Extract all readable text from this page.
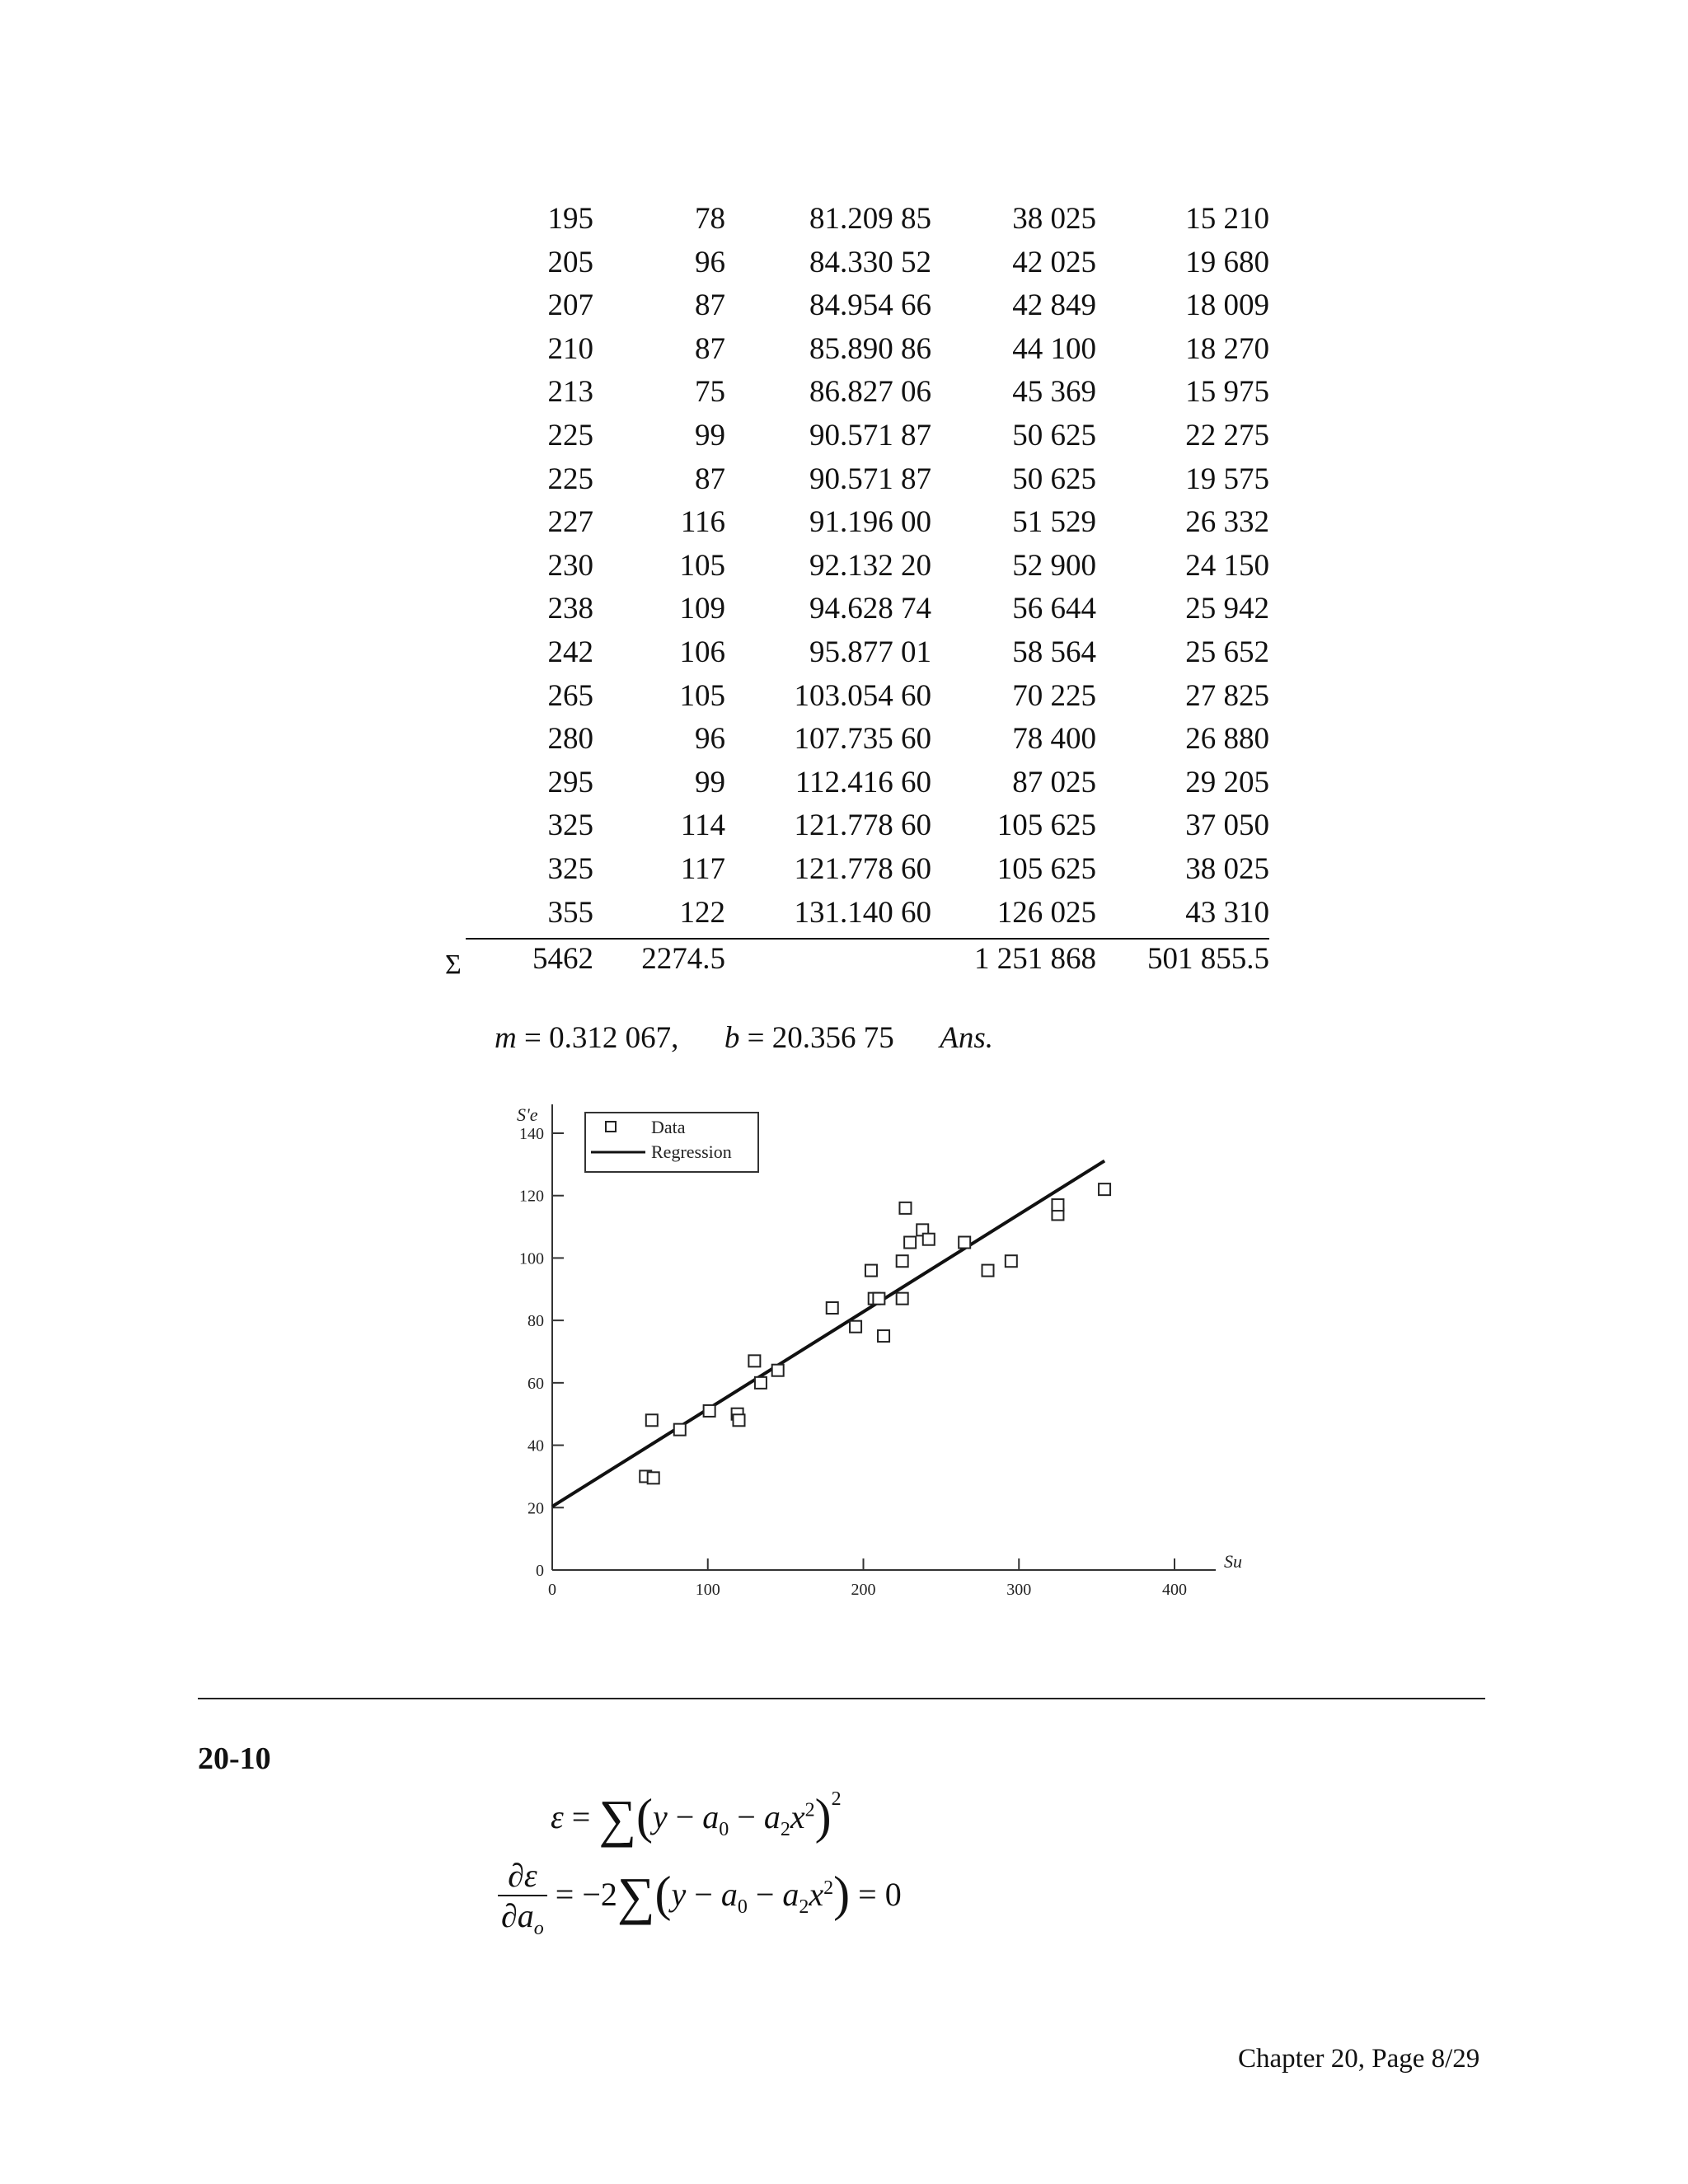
195	78	81.209 85	38 025	15 210
205	96	84.330 52	42 025	19 680
207	87	84.954 66	42 849	18 009
210	87	85.890 86	44 100	18 270
213	75	86.827 06	45 369	15 975
225	99	90.571 87	50 625	22 275
225	87	90.571 87	50 625	19 575
227	116	91.196 00	51 529	26 332
230	105	92.132 20	52 900	24 150
238	109	94.628 74	56 644	25 942
242	106	95.877 01	58 564	25 652
265	105	103.054 60	70 225	27 825
280	96	107.735 60	78 400	26 880
295	99	112.416 60	87 025	29 205
325	114	121.778 60	105 625	37 050
325	117	121.778 60	105 625	38 025
355	122	131.140 60	126 025	43 310
5462	2274.5		1 251 868	501 855.5
Σ
m = 0.312 067, b = 20.356 75 Ans.
0	100	200	300	400
0
20
40
60
80
100
120
140
S'e
Su
Data
Regression
20-10
$\varepsilon = \sum(y - a_0 - a_2x^2)^2$
$\frac{\partial\varepsilon}{\partial a_o} = -2\sum(y - a_0 - a_2x^2) = 0$
Chapter 20, Page 8/29
